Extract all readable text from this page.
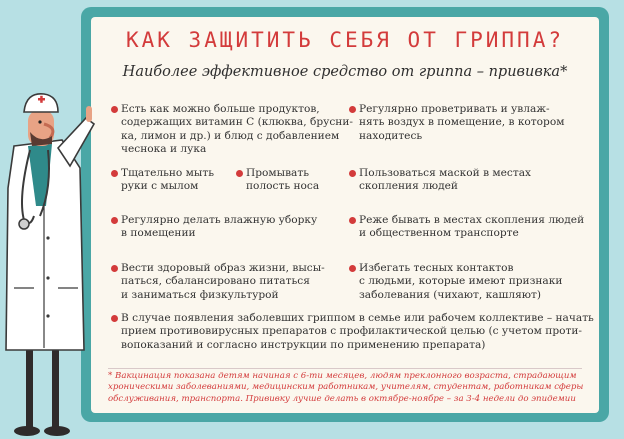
КАК ЗАЩИТИТЬ СЕБЯ ОТ ГРИППА?

Наиболее эффективное средство от гриппа – прививка*

Есть как можно больше продуктов,
содержащих витамин С (клюква, брусни-
ка, лимон и др.) и блюд с добавлением
чеснока и лука
Регулярно проветривать и увлаж-
нять воздух в помещение, в котором
находитесь
Тщательно мыть
руки с мылом
Промывать
полость носа
Пользоваться маской в местах
скопления людей
Регулярно делать влажную уборку
в помещении
Реже бывать в местах скопления людей
и общественном транспорте
Вести здоровый образ жизни, высы-
паться, сбалансировано питаться
и заниматься физкультурой
Избегать тесных контактов
с людьми, которые имеют признаки
заболевания (чихают, кашляют)
В случае появления заболевших гриппом в семье или рабочем коллективе – начать
прием противовирусных препаратов с профилактической целью (с учетом проти-
вопоказаний и согласно инструкции по применению препарата)

* Вакцинация показана детям начиная с 6-ти месяцев, людям преклонного возраста, страдающим
хроническими заболеваниями, медицинским работникам, учителям, студентам, работникам сферы
обслуживания, транспорта. Прививку лучше делать в октябре-ноябре – за 3-4 недели до эпидемии
